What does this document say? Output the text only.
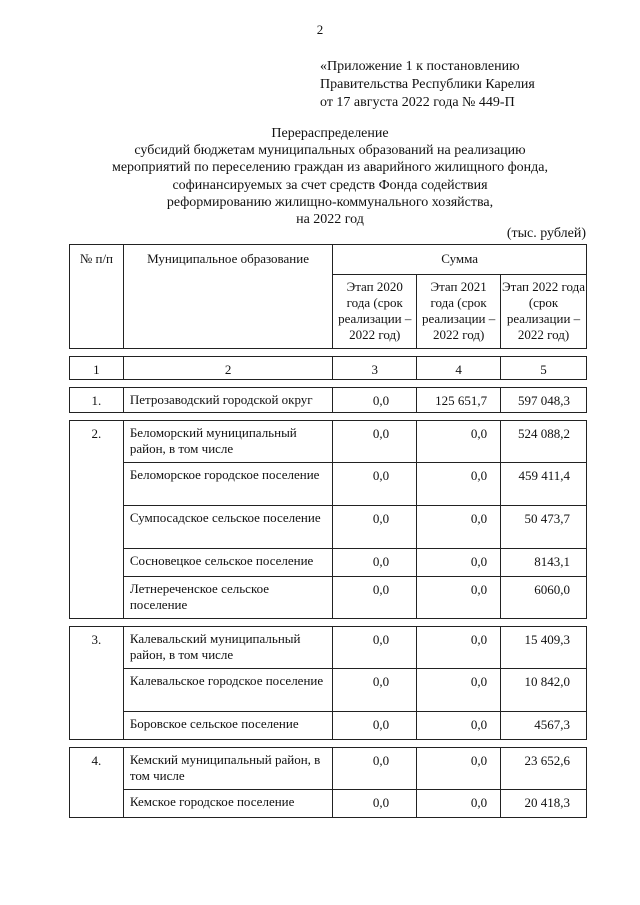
2
«Приложение 1 к постановлению
Правительства Республики Карелия
от 17 августа 2022 года № 449-П
Перераспределение
субсидий бюджетам муниципальных образований на реализацию
мероприятий по переселению граждан из аварийного жилищного фонда,
софинансируемых за счет средств Фонда содействия
реформированию жилищно-коммунального хозяйства,
на 2022 год
(тыс. рублей)
№ п/п	Муниципальное образование	Сумма		
		Этап 2020 года (срок реализации – 2022 год)	Этап 2021 года (срок реализации – 2022 год)	Этап 2022 года (срок реализации – 2022 год)

1	2	3	4	5

1.	Петрозаводский городской округ	0,0	125 651,7	597 048,3

2.	Беломорский муниципальный район, в том числе	0,0	0,0	524 088,2
	Беломорское городское поселение	0,0	0,0	459 411,4
	Сумпосадское сельское поселение	0,0	0,0	50 473,7
	Сосновецкое сельское поселение	0,0	0,0	8143,1
	Летнереченское сельское поселение	0,0	0,0	6060,0

3.	Калевальский муниципальный район, в том числе	0,0	0,0	15 409,3
	Калевальское городское поселение	0,0	0,0	10 842,0
	Боровское сельское поселение	0,0	0,0	4567,3

4.	Кемский муниципальный район, в том числе	0,0	0,0	23 652,6
	Кемское городское поселение	0,0	0,0	20 418,3
